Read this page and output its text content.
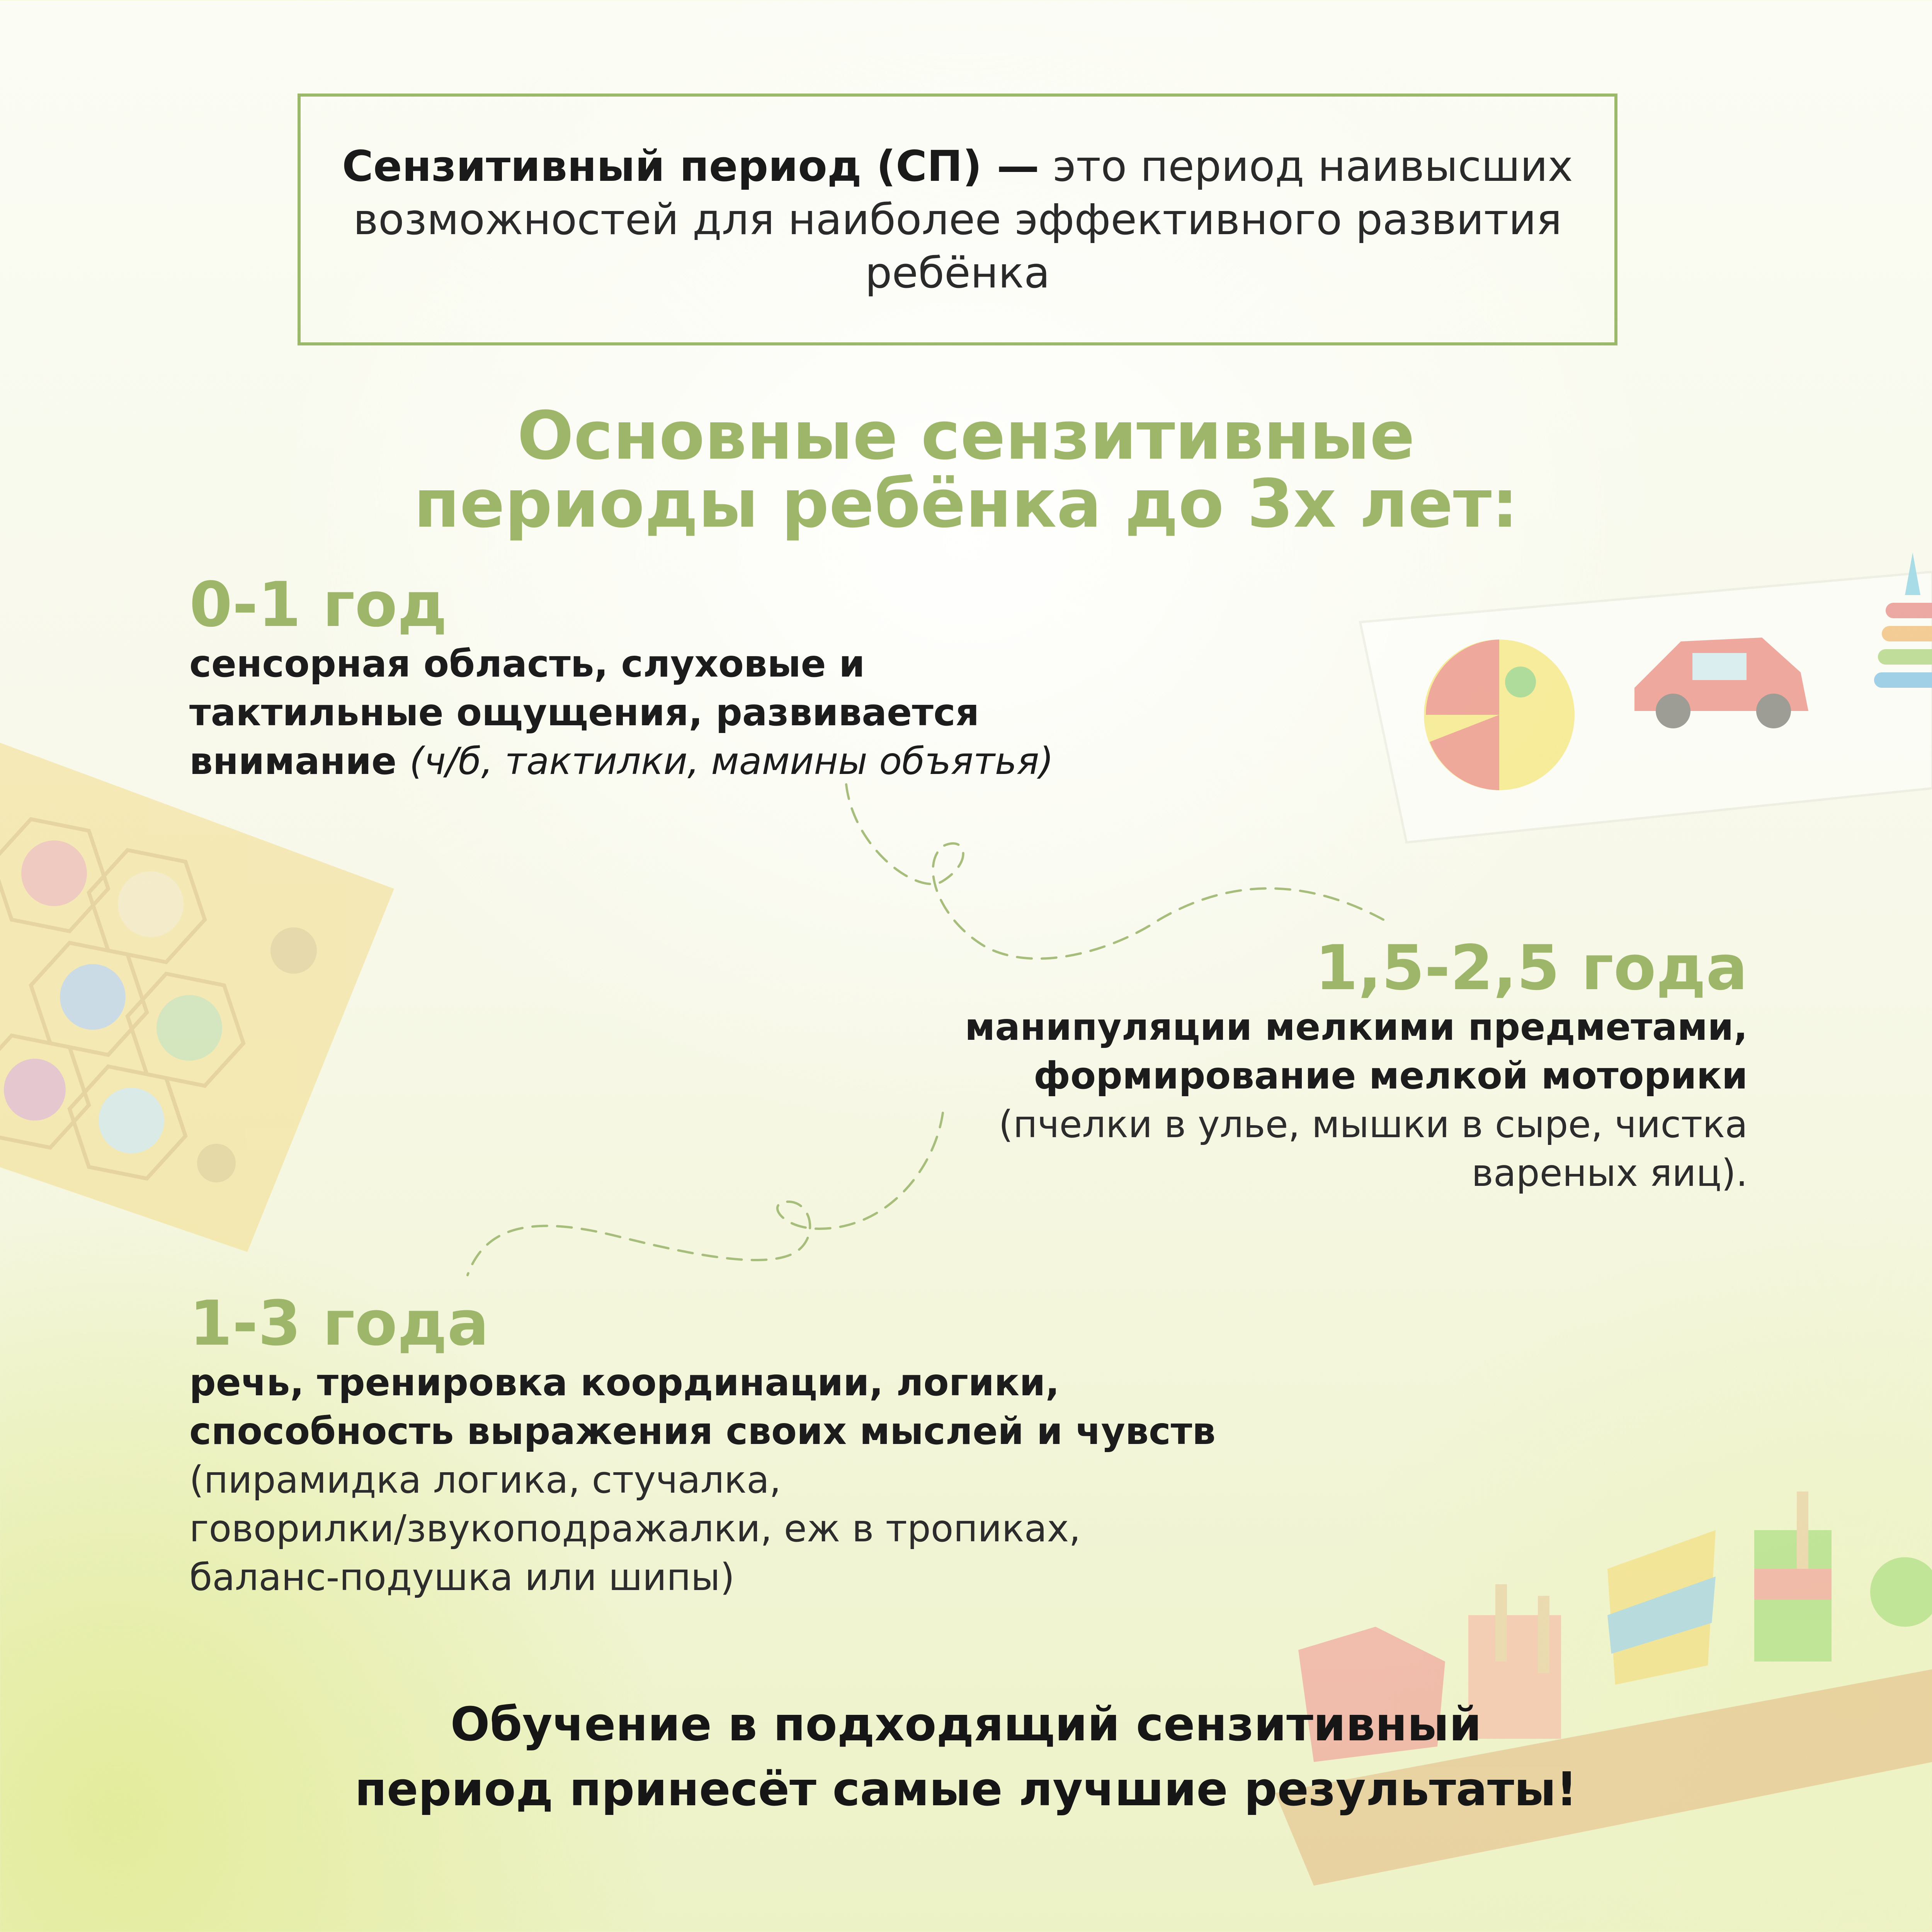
Сензитивный период (СП) — это период наивысших возможностей для наиболее эффективного развития ребёнка
Основные сензитивные
периоды ребёнка до 3х лет:
0-1 год
сенсорная область, слуховые и
тактильные ощущения, развивается
внимание (ч/б, тактилки, мамины объятья)
1,5-2,5 года
манипуляции мелкими предметами,
формирование мелкой моторики
(пчелки в улье, мышки в сыре, чистка
вареных яиц).
1-3 года
речь, тренировка координации, логики,
способность выражения своих мыслей и чувств
(пирамидка логика, стучалка,
говорилки/звукоподражалки, еж в тропиках,
баланс-подушка или шипы)
Обучение в подходящий сензитивный
период принесёт самые лучшие результаты!
